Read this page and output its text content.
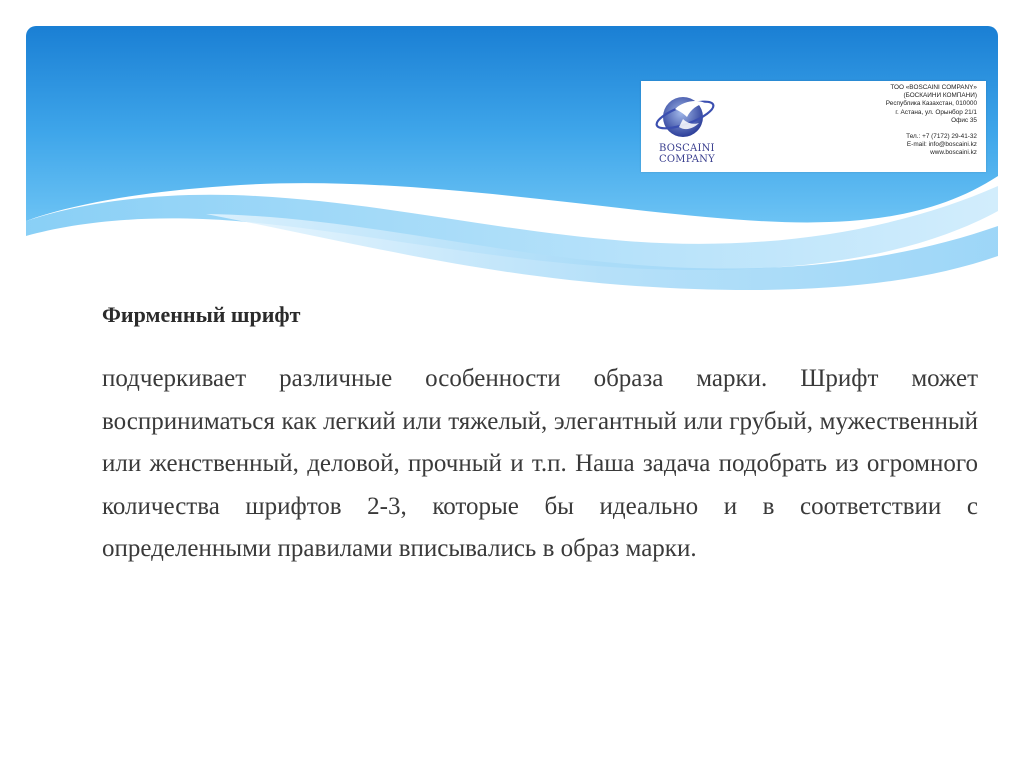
BOSCAINI
COMPANY
ТОО «BOSCAINI COMPANY»
(БОСКАИНИ КОМПАНИ)
Республика Казахстан, 010000
г. Астана, ул. Орынбор 21/1
Офис 35
Тел.: +7 (7172) 29-41-32
E-mail: info@boscaini.kz
www.boscaini.kz

Фирменный шрифт

подчеркивает различные особенности образа марки. Шрифт может восприниматься как легкий или тяжелый, элегантный или грубый, мужественный или женственный, деловой, прочный и т.п. Наша задача подобрать из огромного количества шрифтов 2-3, которые бы идеально и в соответствии с определенными правилами вписывались в образ марки.
